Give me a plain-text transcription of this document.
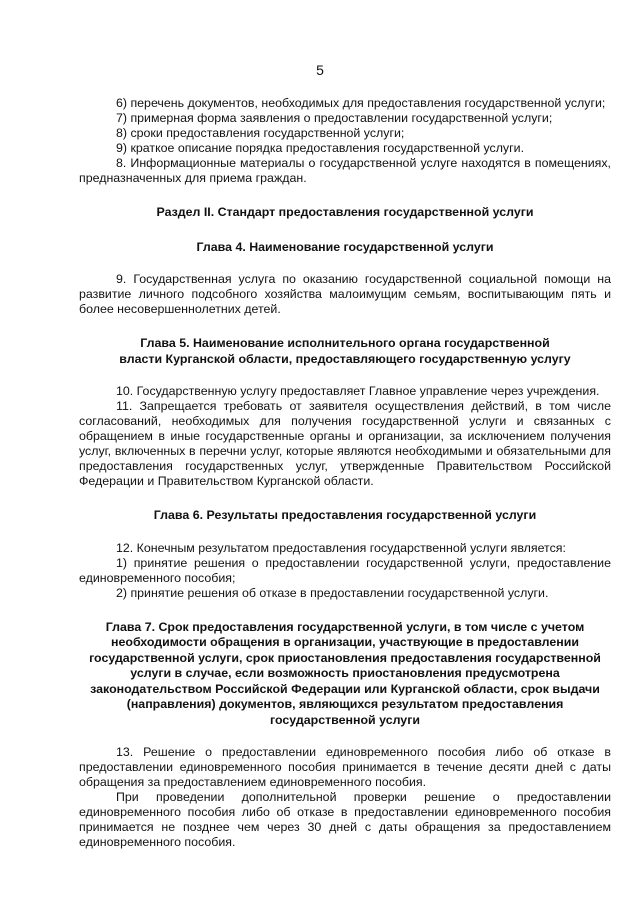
5

6) перечень документов, необходимых для предоставления государственной услуги;

7) примерная форма заявления о предоставлении государственной услуги;

8) сроки предоставления государственной услуги;

9) краткое описание порядка предоставления государственной услуги.

8. Информационные материалы о государственной услуге находятся в помещениях, предназначенных для приема граждан.

Раздел II. Стандарт предоставления государственной услуги

Глава 4. Наименование государственной услуги

9. Государственная услуга по оказанию государственной социальной помощи на развитие личного подсобного хозяйства малоимущим семьям, воспитывающим пять и более несовершеннолетних детей.

Глава 5. Наименование исполнительного органа государственной

власти Курганской области, предоставляющего государственную услугу

10. Государственную услугу предоставляет Главное управление через учреждения.

11. Запрещается требовать от заявителя осуществления действий, в том числе согласований, необходимых для получения государственной услуги и связанных с обращением в иные государственные органы и организации, за исключением получения услуг, включенных в перечни услуг, которые являются необходимыми и обязательными для предоставления государственных услуг, утвержденные Правительством Российской Федерации и Правительством Курганской области.

Глава 6. Результаты предоставления государственной услуги

12. Конечным результатом предоставления государственной услуги является:

1) принятие решения о предоставлении государственной услуги, предоставление единовременного пособия;

2) принятие решения об отказе в предоставлении государственной услуги.

Глава 7. Срок предоставления государственной услуги, в том числе с учетом необходимости обращения в организации, участвующие в предоставлении государственной услуги, срок приостановления предоставления государственной услуги в случае, если возможность приостановления предусмотрена законодательством Российской Федерации или Курганской области, срок выдачи (направления) документов, являющихся результатом предоставления государственной услуги

13. Решение о предоставлении единовременного пособия либо об отказе в предоставлении единовременного пособия принимается в течение десяти дней с даты обращения за предоставлением единовременного пособия.

При проведении дополнительной проверки решение о предоставлении единовременного пособия либо об отказе в предоставлении единовременного пособия принимается не позднее чем через 30 дней с даты обращения за предоставлением единовременного пособия.
